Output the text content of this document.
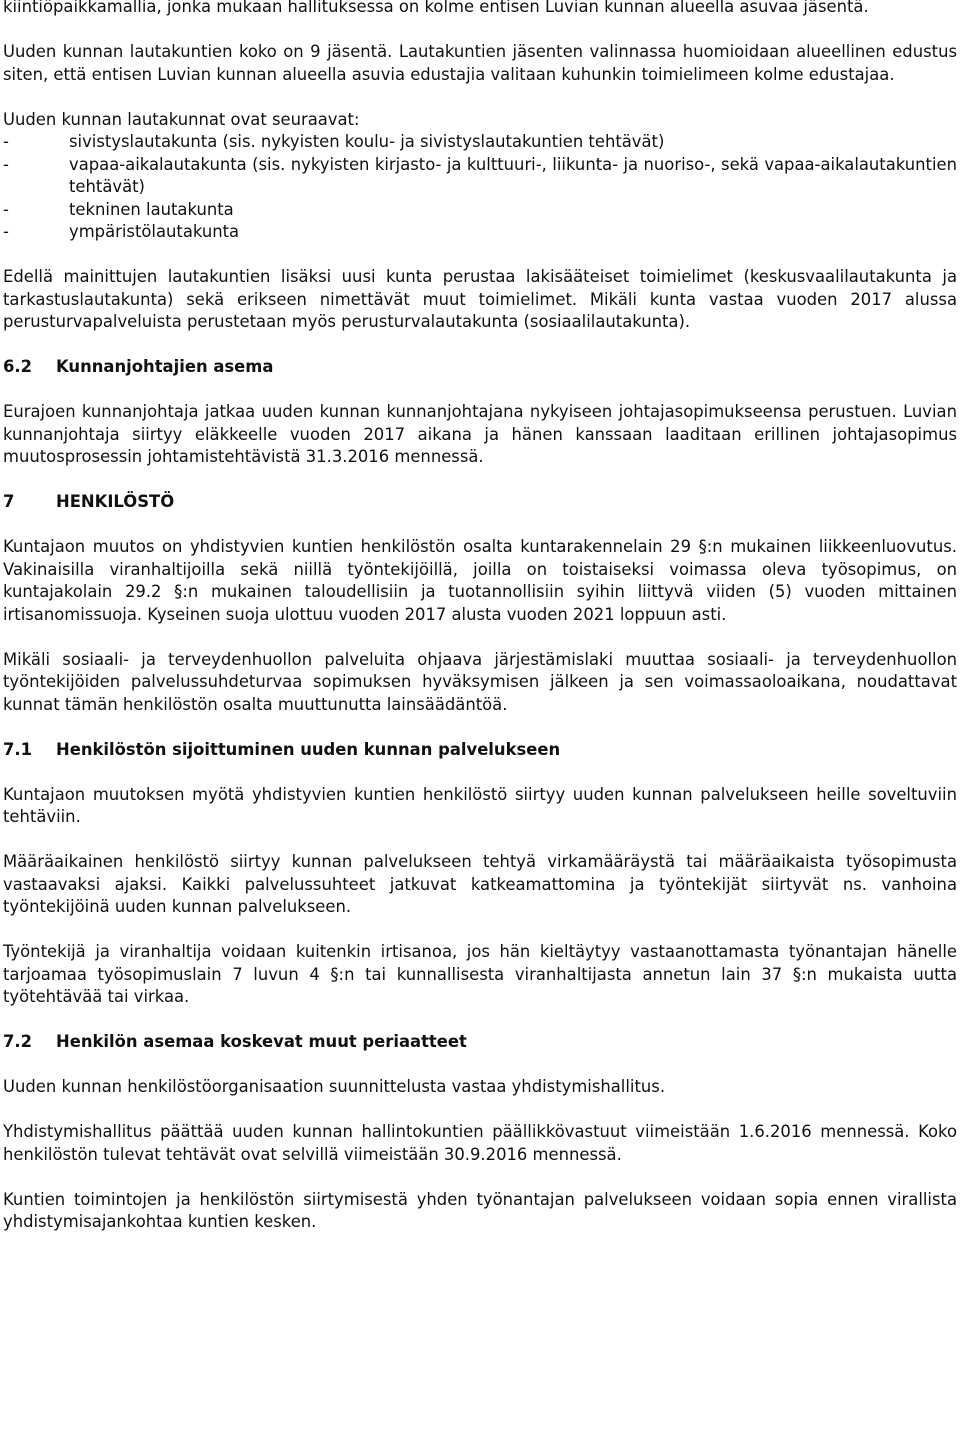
kiintiöpaikkamallia, jonka mukaan hallituksessa on kolme entisen Luvian kunnan alueella asuvaa jäsentä.

Uuden kunnan lautakuntien koko on 9 jäsentä. Lautakuntien jäsenten valinnassa huomioidaan alueellinen edustus siten, että entisen Luvian kunnan alueella asuvia edustajia valitaan kuhunkin toimielimeen kolme edustajaa.

Uuden kunnan lautakunnat ovat seuraavat:

-	sivistyslautakunta (sis. nykyisten koulu- ja sivistyslautakuntien tehtävät)
-	vapaa-aikalautakunta (sis. nykyisten kirjasto- ja kulttuuri-, liikunta- ja nuoriso-, sekä vapaa-aikalautakuntien tehtävät)
-	tekninen lautakunta
-	ympäristölautakunta

Edellä mainittujen lautakuntien lisäksi uusi kunta perustaa lakisääteiset toimielimet (keskusvaalilautakunta ja tarkastuslautakunta) sekä erikseen nimettävät muut toimielimet. Mikäli kunta vastaa vuoden 2017 alussa perusturvapalveluista perustetaan myös perusturvalautakunta (sosiaalilautakunta).

6.2	Kunnanjohtajien asema

Eurajoen kunnanjohtaja jatkaa uuden kunnan kunnanjohtajana nykyiseen johtajasopimukseensa perustuen. Luvian kunnanjohtaja siirtyy eläkkeelle vuoden 2017 aikana ja hänen kanssaan laaditaan erillinen johtajasopimus muutosprosessin johtamistehtävistä 31.3.2016 mennessä.

7	HENKILÖSTÖ

Kuntajaon muutos on yhdistyvien kuntien henkilöstön osalta kuntarakennelain 29 §:n mukainen liikkeenluovutus. Vakinaisilla viranhaltijoilla sekä niillä työntekijöillä, joilla on toistaiseksi voimassa oleva työsopimus, on kuntajakolain 29.2 §:n mukainen taloudellisiin ja tuotannollisiin syihin liittyvä viiden (5) vuoden mittainen irtisanomissuoja. Kyseinen suoja ulottuu vuoden 2017 alusta vuoden 2021 loppuun asti.

Mikäli sosiaali- ja terveydenhuollon palveluita ohjaava järjestämislaki muuttaa sosiaali- ja terveydenhuollon työntekijöiden palvelussuhdeturvaa sopimuksen hyväksymisen jälkeen ja sen voimassaoloaikana, noudattavat kunnat tämän henkilöstön osalta muuttunutta lainsäädäntöä.

7.1	Henkilöstön sijoittuminen uuden kunnan palvelukseen

Kuntajaon muutoksen myötä yhdistyvien kuntien henkilöstö siirtyy uuden kunnan palvelukseen heille soveltuviin tehtäviin.

Määräaikainen henkilöstö siirtyy kunnan palvelukseen tehtyä virkamääräystä tai määräaikaista työsopimusta vastaavaksi ajaksi. Kaikki palvelussuhteet jatkuvat katkeamattomina ja työntekijät siirtyvät ns. vanhoina työntekijöinä uuden kunnan palvelukseen.

Työntekijä ja viranhaltija voidaan kuitenkin irtisanoa, jos hän kieltäytyy vastaanottamasta työnantajan hänelle tarjoamaa työsopimuslain 7 luvun 4 §:n tai kunnallisesta viranhaltijasta annetun lain 37 §:n mukaista uutta työtehtävää tai virkaa.

7.2	Henkilön asemaa koskevat muut periaatteet

Uuden kunnan henkilöstöorganisaation suunnittelusta vastaa yhdistymishallitus.

Yhdistymishallitus päättää uuden kunnan hallintokuntien päällikkövastuut viimeistään 1.6.2016 mennessä. Koko henkilöstön tulevat tehtävät ovat selvillä viimeistään 30.9.2016 mennessä.

Kuntien toimintojen ja henkilöstön siirtymisestä yhden työnantajan palvelukseen voidaan sopia ennen virallista yhdistymisajankohtaa kuntien kesken.
